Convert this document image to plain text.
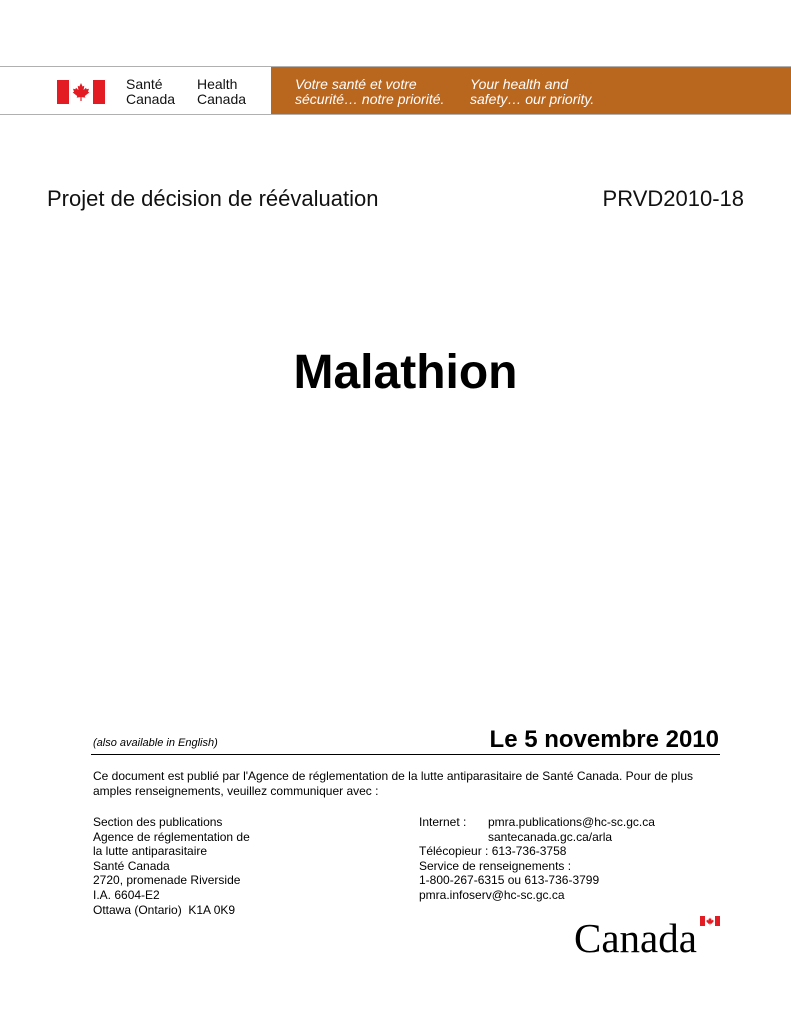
Santé
Canada
Health
Canada
Votre santé et votre
sécurité… notre priorité.
Your health and
safety… our priority.
Projet de décision de réévaluation	PRVD2010-18
Malathion
(also available in English)	Le 5 novembre 2010
Ce document est publié par l'Agence de réglementation de la lutte antiparasitaire de Santé Canada. Pour de plus amples renseignements, veuillez communiquer avec :
Section des publications
Agence de réglementation de
la lutte antiparasitaire
Santé Canada
2720, promenade Riverside
I.A. 6604-E2
Ottawa (Ontario)  K1A 0K9
Internet :	pmra.publications@hc-sc.gc.ca
santecanada.gc.ca/arla
Télécopieur : 613-736-3758
Service de renseignements :
1-800-267-6315 ou 613-736-3799
pmra.infoserv@hc-sc.gc.ca
Canada
